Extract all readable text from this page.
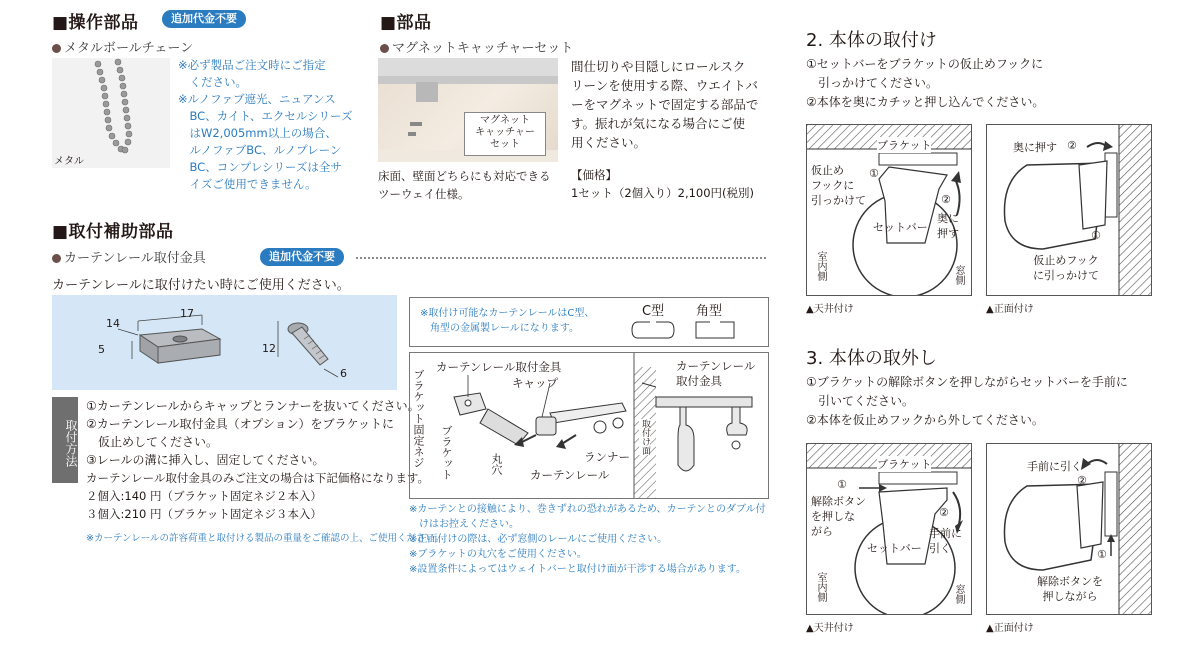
■操作部品	追加代金不要
メタルボールチェーン
メタル
※必ず製品ご注文時にご指定
　ください。
※ルノファブ遮光、ニュアンス
　BC、カイト、エクセルシリーズ
　はW2,005mm以上の場合、
　ルノファブBC、ルノプレーン
　BC、コンプレシリーズは全サ
　イズご使用できません。
■部品
マグネットキャッチャーセット
マグネット
キャッチャー
セット
間仕切りや目隠しにロールスク
リーンを使用する際、ウエイトバ
ーをマグネットで固定する部品で
す。振れが気になる場合にご使
用ください。
床面、壁面どちらにも対応できる
ツーウェイ仕様。
【価格】
1セット（2個入り）2,100円(税別)
■取付補助部品
カーテンレール取付金具	追加代金不要
カーテンレールに取付けたい時にご使用ください。
14
17
5	12
6
取付方法
①カーテンレールからキャップとランナーを抜いてください。
②カーテンレール取付金具（オプション）をブラケットに
　仮止めしてください。
③レールの溝に挿入し、固定してください。
カーテンレール取付金具のみご注文の場合は下記価格になります。
２個入:140 円（ブラケット固定ネジ２本入）
３個入:210 円（ブラケット固定ネジ３本入）
※カーテンレールの許容荷重と取付ける製品の重量をご確認の上、ご使用ください。
※取付け可能なカーテンレールはC型、
　角型の金属製レールになります。
C型 角型
カーテンレール取付金具
キャップ
ブラケット固定ネジ ブラケット	丸穴	ランナー
カーテンレール
カーテンレール
取付金具
取付け面
※カーテンとの接触により、巻きずれの恐れがあるため、カーテンとのダブル付
　けはお控えください。
※正面付けの際は、必ず窓側のレールにご使用ください。
※ブラケットの丸穴をご使用ください。
※設置条件によってはウェイトバーと取付け面が干渉する場合があります。
2. 本体の取付け
①セットバーをブラケットの仮止めフックに
　引っかけてください。
②本体を奥にカチッと押し込んでください。
ブラケット
①
仮止め
フックに
引っかけて
セットバー
②
奥に
押す
室内側	窓側
▲天井付け
奥に押す ②
①
仮止めフック
に引っかけて
▲正面付け
3. 本体の取外し
①ブラケットの解除ボタンを押しながらセットバーを手前に
　引いてください。
②本体を仮止めフックから外してください。
ブラケット
①
解除ボタン
を押しな
がら
セットバー
②
手前に
引く
室内側	窓側
▲天井付け
手前に引く
②
①
解除ボタンを
押しながら
▲正面付け
